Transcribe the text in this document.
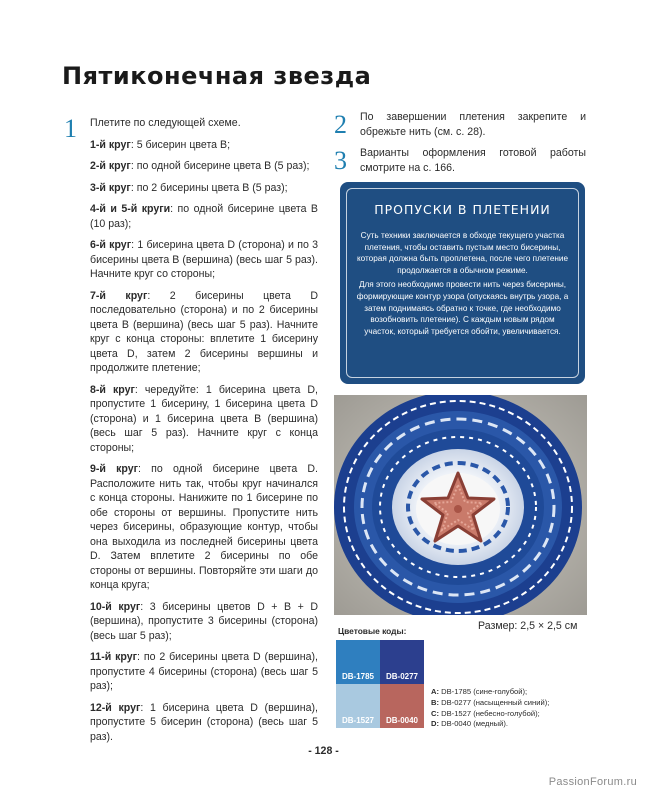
Пятиконечная звезда
1 Плетите по следующей схеме.

1-й круг: 5 бисерин цвета В;

2-й круг: по одной бисерине цвета В (5 раз);

3-й круг: по 2 бисерины цвета В (5 раз);

4-й и 5-й круги: по одной бисерине цвета В (10 раз);

6-й круг: 1 бисерина цвета D (сторона) и по 3 бисерины цвета В (вершина) (весь шаг 5 раз). Начните круг со стороны;

7-й круг: 2 бисерины цвета D последовательно (сторона) и по 2 бисерины цвета В (вершина) (весь шаг 5 раз). Начните круг с конца стороны: вплетите 1 бисерину цвета D, затем 2 бисерины вершины и продолжите плетение;

8-й круг: чередуйте: 1 бисерина цвета D, пропустите 1 бисерину, 1 бисерина цвета D (сторона) и 1 бисерина цвета В (вершина) (весь шаг 5 раз). Начните круг с конца стороны;

9-й круг: по одной бисерине цвета D. Расположите нить так, чтобы круг начинался с конца стороны. Нанижите по 1 бисерине по обе стороны от вершины. Пропустите нить через бисерины, образующие контур, чтобы она выходила из последней бисерины цвета D. Затем вплетите 2 бисерины по обе стороны от вершины. Повторяйте эти шаги до конца круга;

10-й круг: 3 бисерины цветов D + В + D (вершина), пропустите 3 бисерины (сторона) (весь шаг 5 раз);

11-й круг: по 2 бисерины цвета D (вершина), пропустите 4 бисерины (сторона) (весь шаг 5 раз);

12-й круг: 1 бисерина цвета D (вершина), пропустите 5 бисерин (сторона) (весь шаг 5 раз).

2 По завершении плетения закрепите и обрежьте нить (см. с. 28).
3 Варианты оформления готовой работы смотрите на с. 166.
ПРОПУСКИ В ПЛЕТЕНИИ

Суть техники заключается в обходе текущего участка плетения, чтобы оставить пустым место бисерины, которая должна быть проплетена, после чего плетение продолжается в обычном режиме.

Для этого необходимо провести нить через бисерины, формирующие контур узора (опускаясь внутрь узора, а затем поднимаясь обратно к точке, где необходимо возобновить плетение). С каждым новым рядом участок, который требуется обойти, увеличивается.

Размер: 2,5 × 2,5 см
Цветовые коды:
DB-1785	DB-0277
DB-1527	DB-0040
A: DB-1785 (сине-голубой);
B: DB-0277 (насыщенный синий);
C: DB-1527 (небесно-голубой);
D: DB-0040 (медный).
- 128 -
PassionForum.ru
